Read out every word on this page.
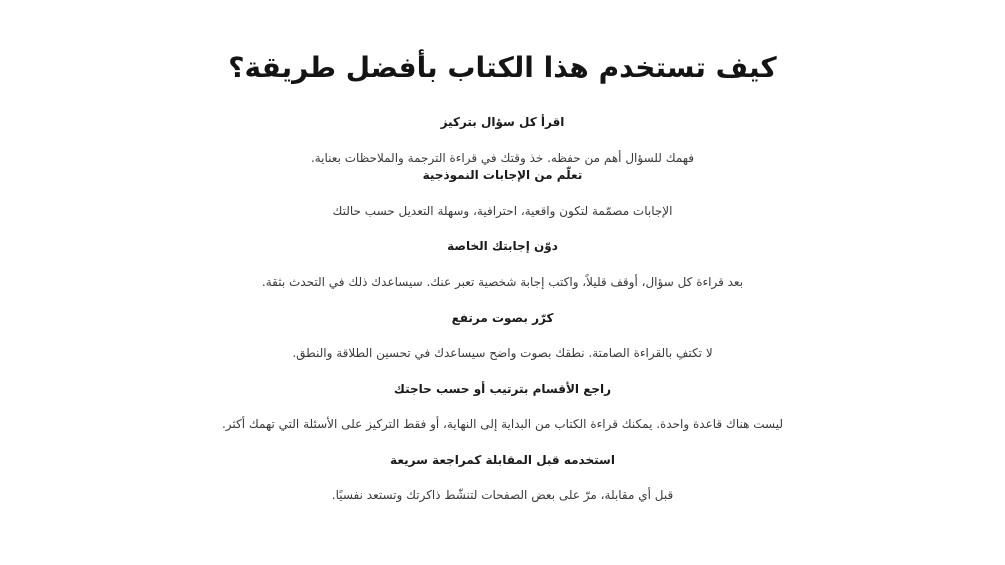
كيف تستخدم هذا الكتاب بأفضل طريقة؟

اقرأ كل سؤال بتركيز

فهمك للسؤال أهم من حفظه. خذ وقتك في قراءة الترجمة والملاحظات بعناية.

تعلّم من الإجابات النموذجية

الإجابات مصمّمة لتكون واقعية، احترافية، وسهلة التعديل حسب حالتك

دوّن إجابتك الخاصة

بعد قراءة كل سؤال، أوقف قليلاً، واكتب إجابة شخصية تعبر عنك. سيساعدك ذلك في التحدث بثقة.

كرّر بصوت مرتفع

لا تكتفِ بالقراءة الصامتة. نطقك بصوت واضح سيساعدك في تحسين الطلاقة والنطق.

راجع الأقسام بترتيب أو حسب حاجتك

ليست هناك قاعدة واحدة. يمكنك قراءة الكتاب من البداية إلى النهاية، أو فقط التركيز على الأسئلة التي تهمك أكثر.

استخدمه قبل المقابلة كمراجعة سريعة

قبل أي مقابلة، مرّ على بعض الصفحات لتنشّط ذاكرتك وتستعد نفسيًا.
